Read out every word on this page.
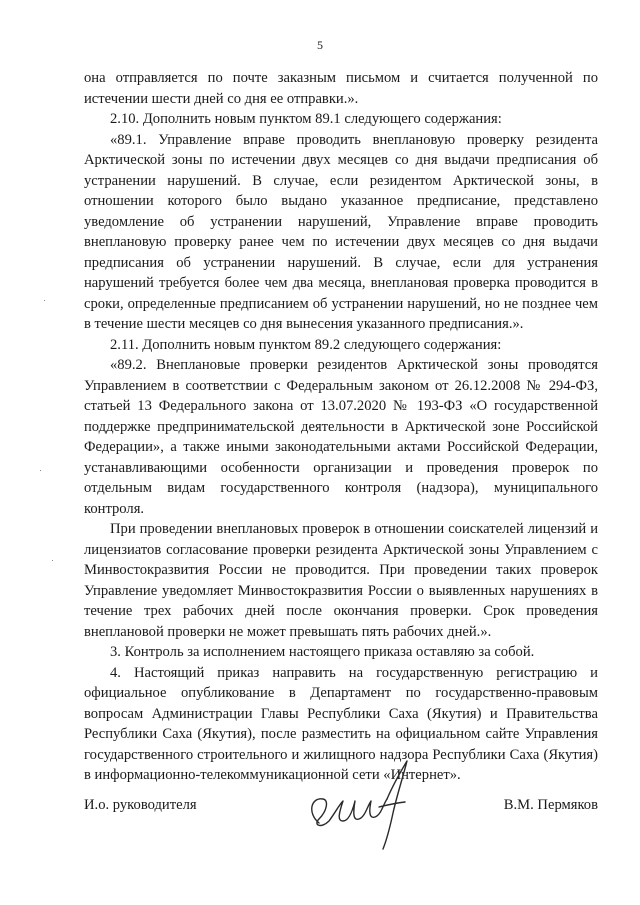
5

она отправляется по почте заказным письмом и считается полученной по истечении шести дней со дня ее отправки.».

2.10. Дополнить новым пунктом 89.1 следующего содержания:

«89.1. Управление вправе проводить внеплановую проверку резидента Арктической зоны по истечении двух месяцев со дня выдачи предписания об устранении нарушений. В случае, если резидентом Арктической зоны, в отношении которого было выдано указанное предписание, представлено уведомление об устранении нарушений, Управление вправе проводить внеплановую проверку ранее чем по истечении двух месяцев со дня выдачи предписания об устранении нарушений. В случае, если для устранения нарушений требуется более чем два месяца, внеплановая проверка проводится в сроки, определенные предписанием об устранении нарушений, но не позднее чем в течение шести месяцев со дня вынесения указанного предписания.».

2.11. Дополнить новым пунктом 89.2 следующего содержания:

«89.2. Внеплановые проверки резидентов Арктической зоны проводятся Управлением в соответствии с Федеральным законом от 26.12.2008 № 294-ФЗ, статьей 13 Федерального закона от 13.07.2020 № 193-ФЗ «О государственной поддержке предпринимательской деятельности в Арктической зоне Российской Федерации», а также иными законодательными актами Российской Федерации, устанавливающими особенности организации и проведения проверок по отдельным видам государственного контроля (надзора), муниципального контроля.

При проведении внеплановых проверок в отношении соискателей лицензий и лицензиатов согласование проверки резидента Арктической зоны Управлением с Минвостокразвития России не проводится. При проведении таких проверок Управление уведомляет Минвостокразвития России о выявленных нарушениях в течение трех рабочих дней после окончания проверки. Срок проведения внеплановой проверки не может превышать пять рабочих дней.».

3. Контроль за исполнением настоящего приказа оставляю за собой.

4. Настоящий приказ направить на государственную регистрацию и официальное опубликование в Департамент по государственно-правовым вопросам Администрации Главы Республики Саха (Якутия) и Правительства Республики Саха (Якутия), после разместить на официальном сайте Управления государственного строительного и жилищного надзора Республики Саха (Якутия) в информационно-телекоммуникационной сети «Интернет».

И.о. руководителя	В.М. Пермяков
